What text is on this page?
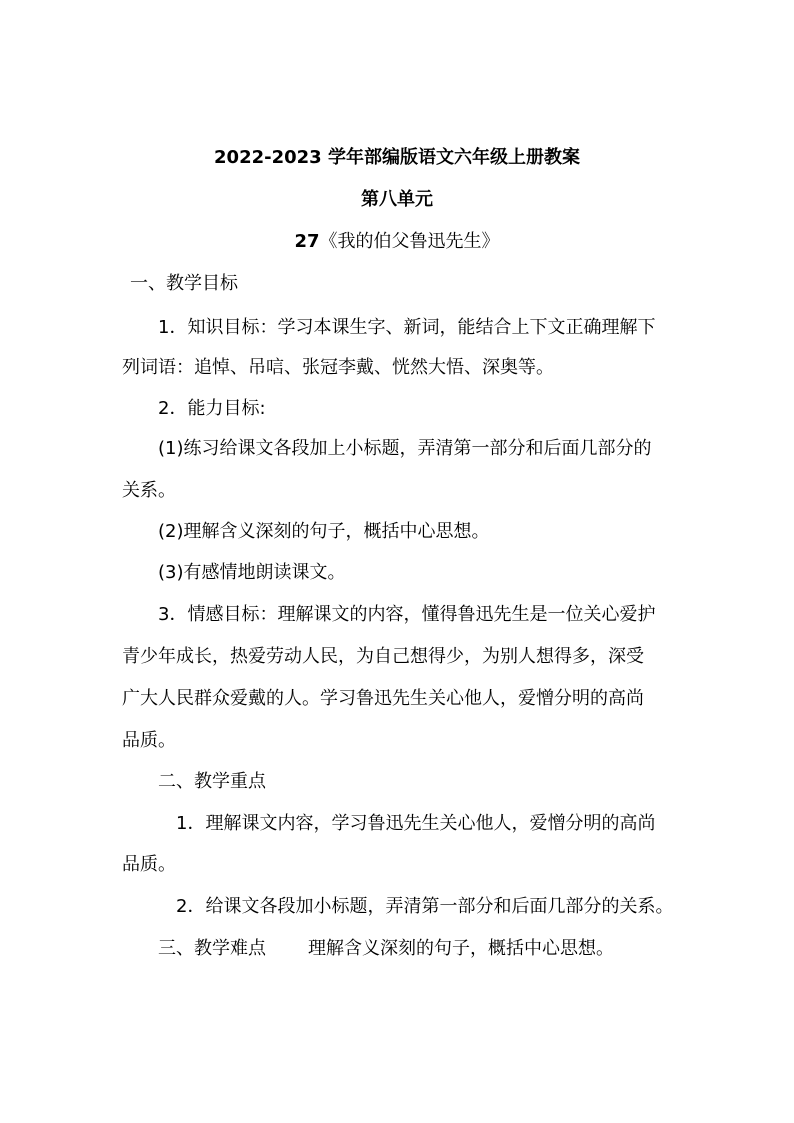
2022-2023 学年部编版语文六年级上册教案
第八单元
27《我的伯父鲁迅先生》
一、教学目标
1．知识目标：学习本课生字、新词，能结合上下文正确理解下
列词语：追悼、吊唁、张冠李戴、恍然大悟、深奥等。
2．能力目标:
(1)练习给课文各段加上小标题，弄清第一部分和后面几部分的
关系。
(2)理解含义深刻的句子，概括中心思想。
(3)有感情地朗读课文。
3．情感目标：理解课文的内容，懂得鲁迅先生是一位关心爱护
青少年成长，热爱劳动人民，为自己想得少，为别人想得多，深受
广大人民群众爱戴的人。学习鲁迅先生关心他人，爱憎分明的高尚
品质。
二、教学重点
1．理解课文内容，学习鲁迅先生关心他人，爱憎分明的高尚
品质。
2．给课文各段加小标题，弄清第一部分和后面几部分的关系。
三、教学难点 理解含义深刻的句子，概括中心思想。
